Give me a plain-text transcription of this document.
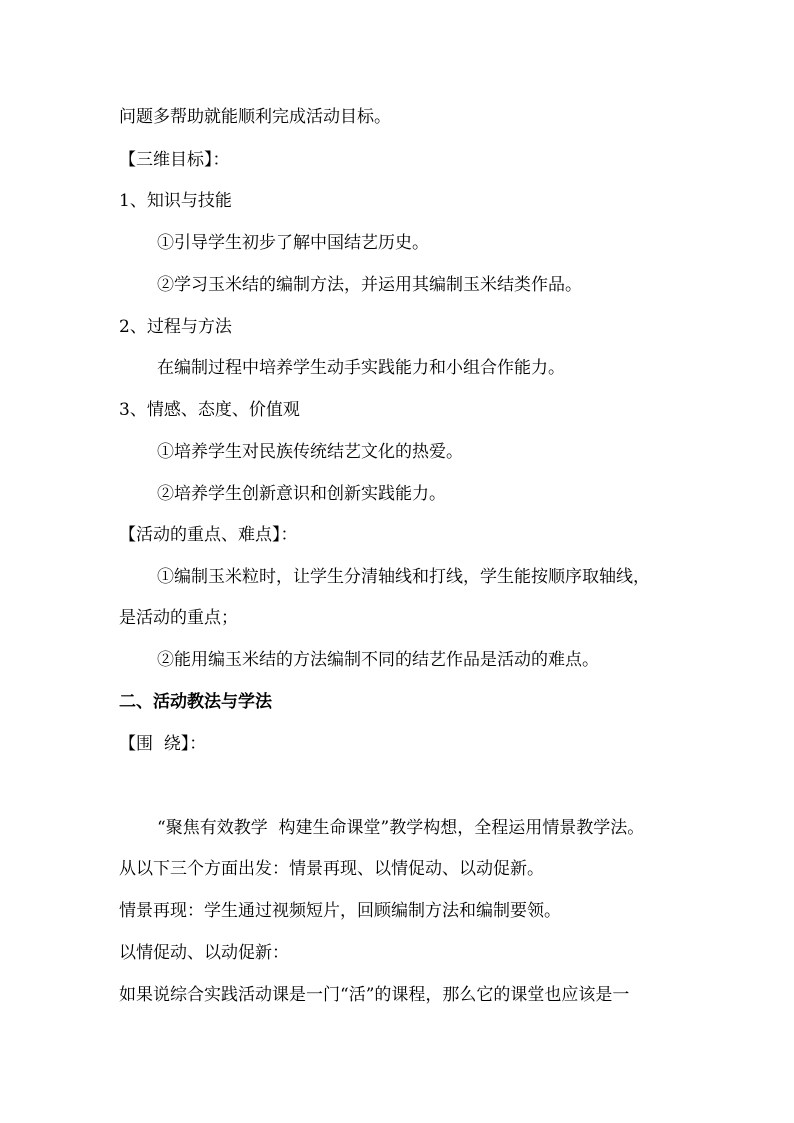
问题多帮助就能顺利完成活动目标。
【三维目标】：
1、知识与技能
①引导学生初步了解中国结艺历史。
②学习玉米结的编制方法，并运用其编制玉米结类作品。
2、过程与方法
在编制过程中培养学生动手实践能力和小组合作能力。
3、情感、态度、价值观
①培养学生对民族传统结艺文化的热爱。
②培养学生创新意识和创新实践能力。
【活动的重点、难点】：
①编制玉米粒时，让学生分清轴线和打线，学生能按顺序取轴线，
是活动的重点；
②能用编玉米结的方法编制不同的结艺作品是活动的难点。
二、活动教法与学法
【围  绕】：
“聚焦有效教学  构建生命课堂”教学构想，全程运用情景教学法。
从以下三个方面出发：情景再现、以情促动、以动促新。
情景再现：学生通过视频短片，回顾编制方法和编制要领。
以情促动、以动促新：
如果说综合实践活动课是一门“活”的课程，那么它的课堂也应该是一
